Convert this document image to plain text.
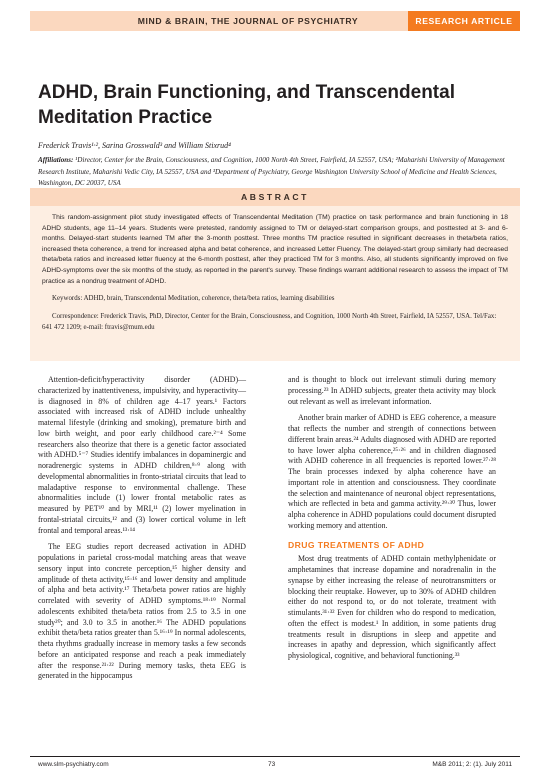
MIND & BRAIN, THE JOURNAL OF PSYCHIATRY	RESEARCH ARTICLE
ADHD, Brain Functioning, and Transcendental Meditation Practice
Frederick Travis¹·², Sarina Grosswald³ and William Stixrud⁴
Affiliations: ¹Director, Center for the Brain, Consciousness, and Cognition, 1000 North 4th Street, Fairfield, IA 52557, USA; ²Maharishi University of Management Research Institute, Maharishi Vedic City, IA 52557, USA and ³Department of Psychiatry, George Washington University School of Medicine and Health Sciences, Washington, DC 20037, USA
ABSTRACT

This random-assignment pilot study investigated effects of Transcendental Meditation (TM) practice on task performance and brain functioning in 18 ADHD students, age 11–14 years. Students were pretested, randomly assigned to TM or delayed-start comparison groups, and posttested at 3- and 6-months. Delayed-start students learned TM after the 3-month posttest. Three months TM practice resulted in significant decreases in theta/beta ratios, increased theta coherence, a trend for increased alpha and betat coherence, and increased Letter Fluency. The delayed-start group similarly had decreased theta/beta ratios and increased letter fluency at the 6-month posttest, after they practiced TM for 3 months. Also, all students significantly improved on five ADHD-symptoms over the six months of the study, as reported in the parent's survey. These findings warrant additional research to assess the impact of TM practice as a nondrug treatment of ADHD.

Keywords: ADHD, brain, Transcendental Meditation, coherence, theta/beta ratios, learning disabilities

Correspondence: Frederick Travis, PhD, Director, Center for the Brain, Consciousness, and Cognition, 1000 North 4th Street, Fairfield, IA 52557, USA. Tel/Fax: 641 472 1209; e-mail: ftravis@mum.edu

Attention-deficit/hyperactivity disorder (ADHD)—characterized by inattentiveness, impulsivity, and hyperactivity—is diagnosed in 8% of children age 4–17 years.¹ Factors associated with increased risk of ADHD include unhealthy maternal lifestyle (drinking and smoking), premature birth and low birth weight, and poor early childhood care.²⁻⁴ Some researchers also theorize that there is a genetic factor associated with ADHD.⁵⁻⁷ Studies identify imbalances in dopaminergic and noradrenergic systems in ADHD children,⁸·⁹ along with developmental abnormalities in fronto-striatal circuits that lead to maladaptive response to environmental challenge. These abnormalities include (1) lower frontal metabolic rates as measured by PET¹⁰ and by MRI,¹¹ (2) lower myelination in frontal-striatal circuits,¹² and (3) lower cortical volume in left frontal and temporal areas.¹³·¹⁴

The EEG studies report decreased activation in ADHD populations in parietal cross-modal matching areas that weave sensory input into concrete perception,¹⁵ higher density and amplitude of theta activity,¹⁵·¹⁶ and lower density and amplitude of alpha and beta activity.¹⁷ Theta/beta power ratios are highly correlated with severity of ADHD symptoms.¹⁸·¹⁹ Normal adolescents exhibited theta/beta ratios from 2.5 to 3.5 in one study²⁰; and 3.0 to 3.5 in another.¹⁶ The ADHD populations exhibit theta/beta ratios greater than 5.¹⁶·¹⁹ In normal adolescents, theta rhythms gradually increase in memory tasks a few seconds before an anticipated response and reach a peak immediately after the response.²¹·²² During memory tasks, theta EEG is generated in the hippocampus

and is thought to block out irrelevant stimuli during memory processing.²³ In ADHD subjects, greater theta activity may block out relevant as well as irrelevant information.

Another brain marker of ADHD is EEG coherence, a measure that reflects the number and strength of connections between different brain areas.²⁴ Adults diagnosed with ADHD are reported to have lower alpha coherence,²⁵·²⁶ and in children diagnosed with ADHD coherence in all frequencies is reported lower.²⁷·²⁸ The brain processes indexed by alpha coherence have an important role in attention and consciousness. They coordinate the selection and maintenance of neuronal object representations, which are reflected in beta and gamma activity.²⁹·³⁰ Thus, lower alpha coherence in ADHD populations could document disrupted working memory and attention.

DRUG TREATMENTS OF ADHD

Most drug treatments of ADHD contain methylphenidate or amphetamines that increase dopamine and noradrenalin in the synapse by either increasing the release of neurotransmitters or blocking their reuptake. However, up to 30% of ADHD children either do not respond to, or do not tolerate, treatment with stimulants.³¹·³² Even for children who do respond to medication, often the effect is modest.¹ In addition, in some patients drug treatments result in disruptions in sleep and appetite and increases in apathy and depression, which significantly affect physiological, cognitive, and behavioral functioning.³³

www.slm-psychiatry.com	73	M&B 2011; 2: (1). July 2011
